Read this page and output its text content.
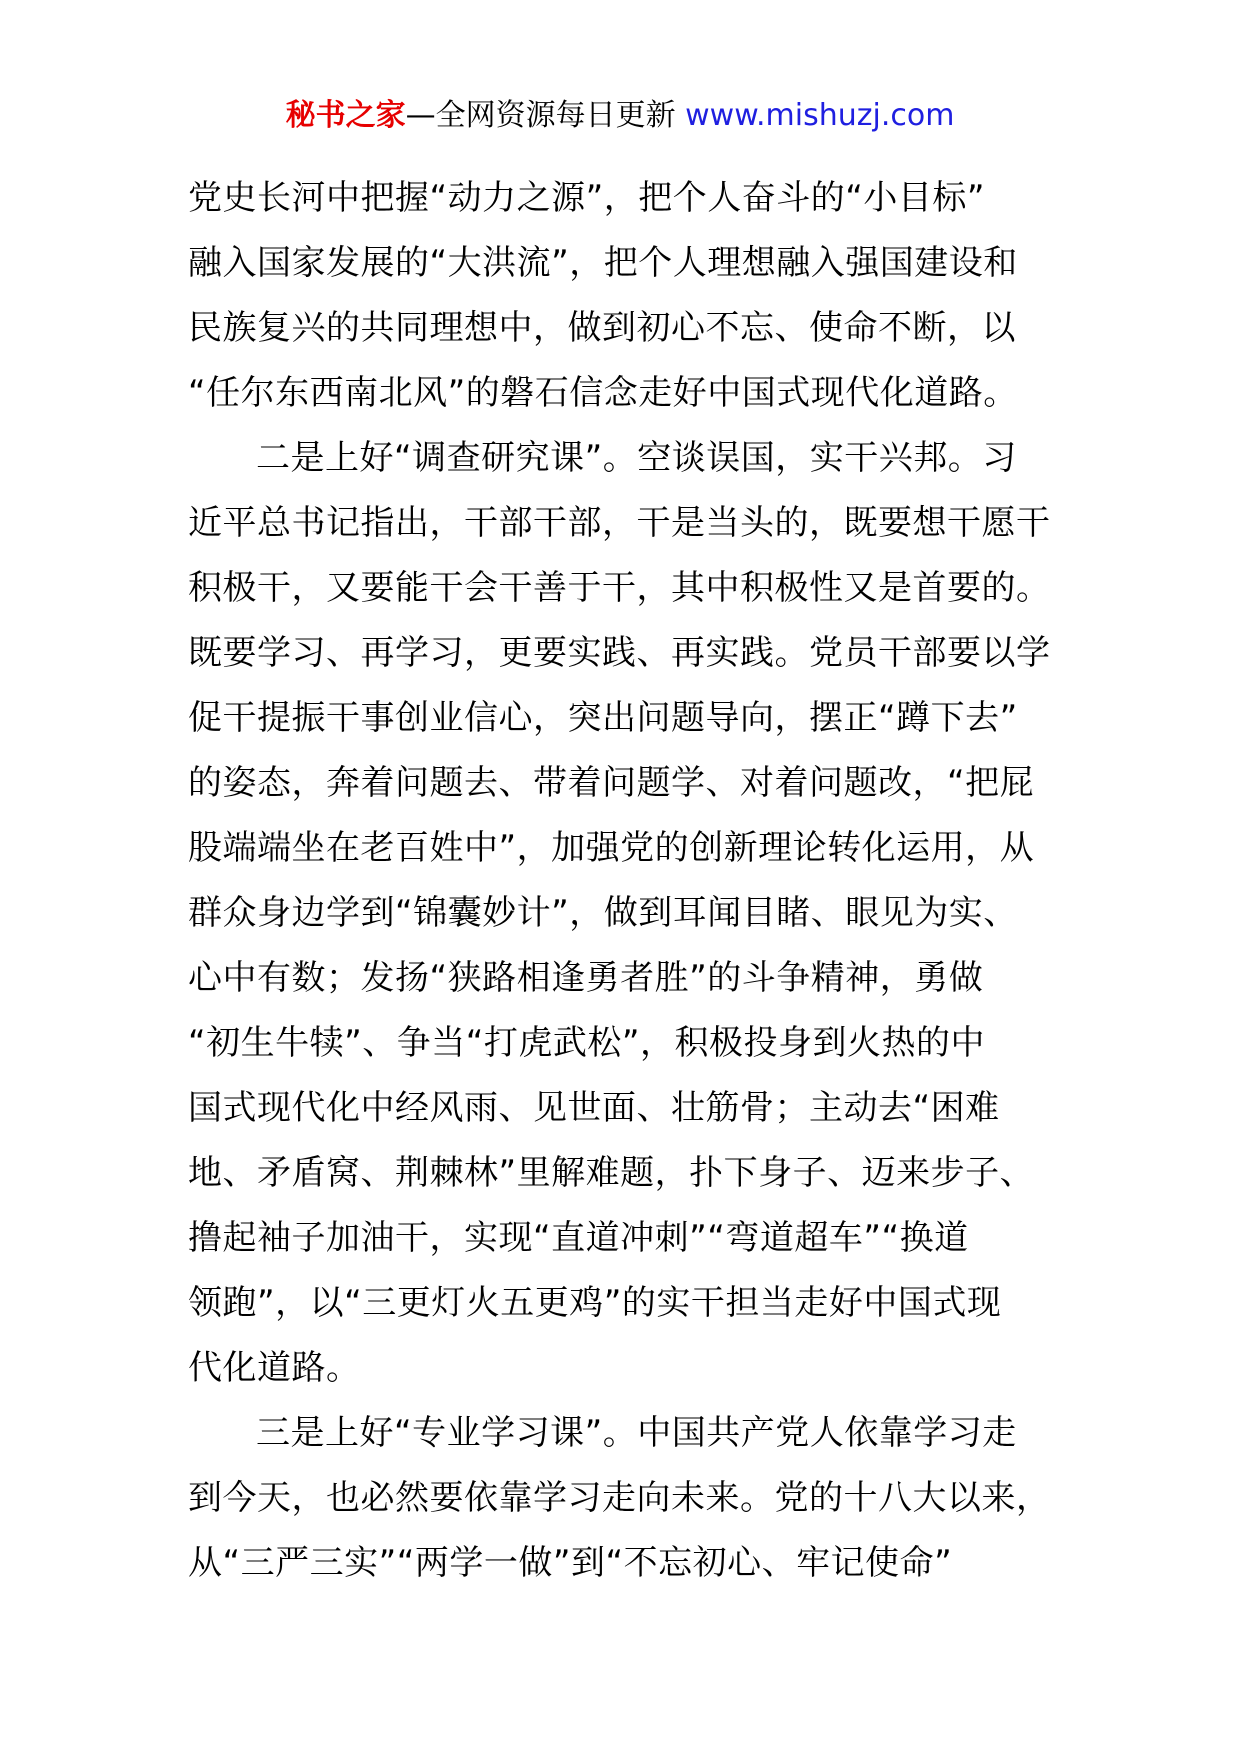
秘书之家—全网资源每日更新 www.mishuzj.com
党史长河中把握“动力之源”，把个人奋斗的“小目标”
融入国家发展的“大洪流”，把个人理想融入强国建设和
民族复兴的共同理想中，做到初心不忘、使命不断，以
“任尔东西南北风”的磐石信念走好中国式现代化道路。
二是上好“调查研究课”。空谈误国，实干兴邦。习
近平总书记指出，干部干部，干是当头的，既要想干愿干
积极干，又要能干会干善于干，其中积极性又是首要的。
既要学习、再学习，更要实践、再实践。党员干部要以学
促干提振干事创业信心，突出问题导向，摆正“蹲下去”
的姿态，奔着问题去、带着问题学、对着问题改，“把屁
股端端坐在老百姓中”，加强党的创新理论转化运用，从
群众身边学到“锦囊妙计”，做到耳闻目睹、眼见为实、
心中有数；发扬“狭路相逢勇者胜”的斗争精神，勇做
“初生牛犊”、争当“打虎武松”，积极投身到火热的中
国式现代化中经风雨、见世面、壮筋骨；主动去“困难
地、矛盾窝、荆棘林”里解难题，扑下身子、迈来步子、
撸起袖子加油干，实现“直道冲刺”“弯道超车”“换道
领跑”，以“三更灯火五更鸡”的实干担当走好中国式现
代化道路。
三是上好“专业学习课”。中国共产党人依靠学习走
到今天，也必然要依靠学习走向未来。党的十八大以来，
从“三严三实”“两学一做”到“不忘初心、牢记使命”
